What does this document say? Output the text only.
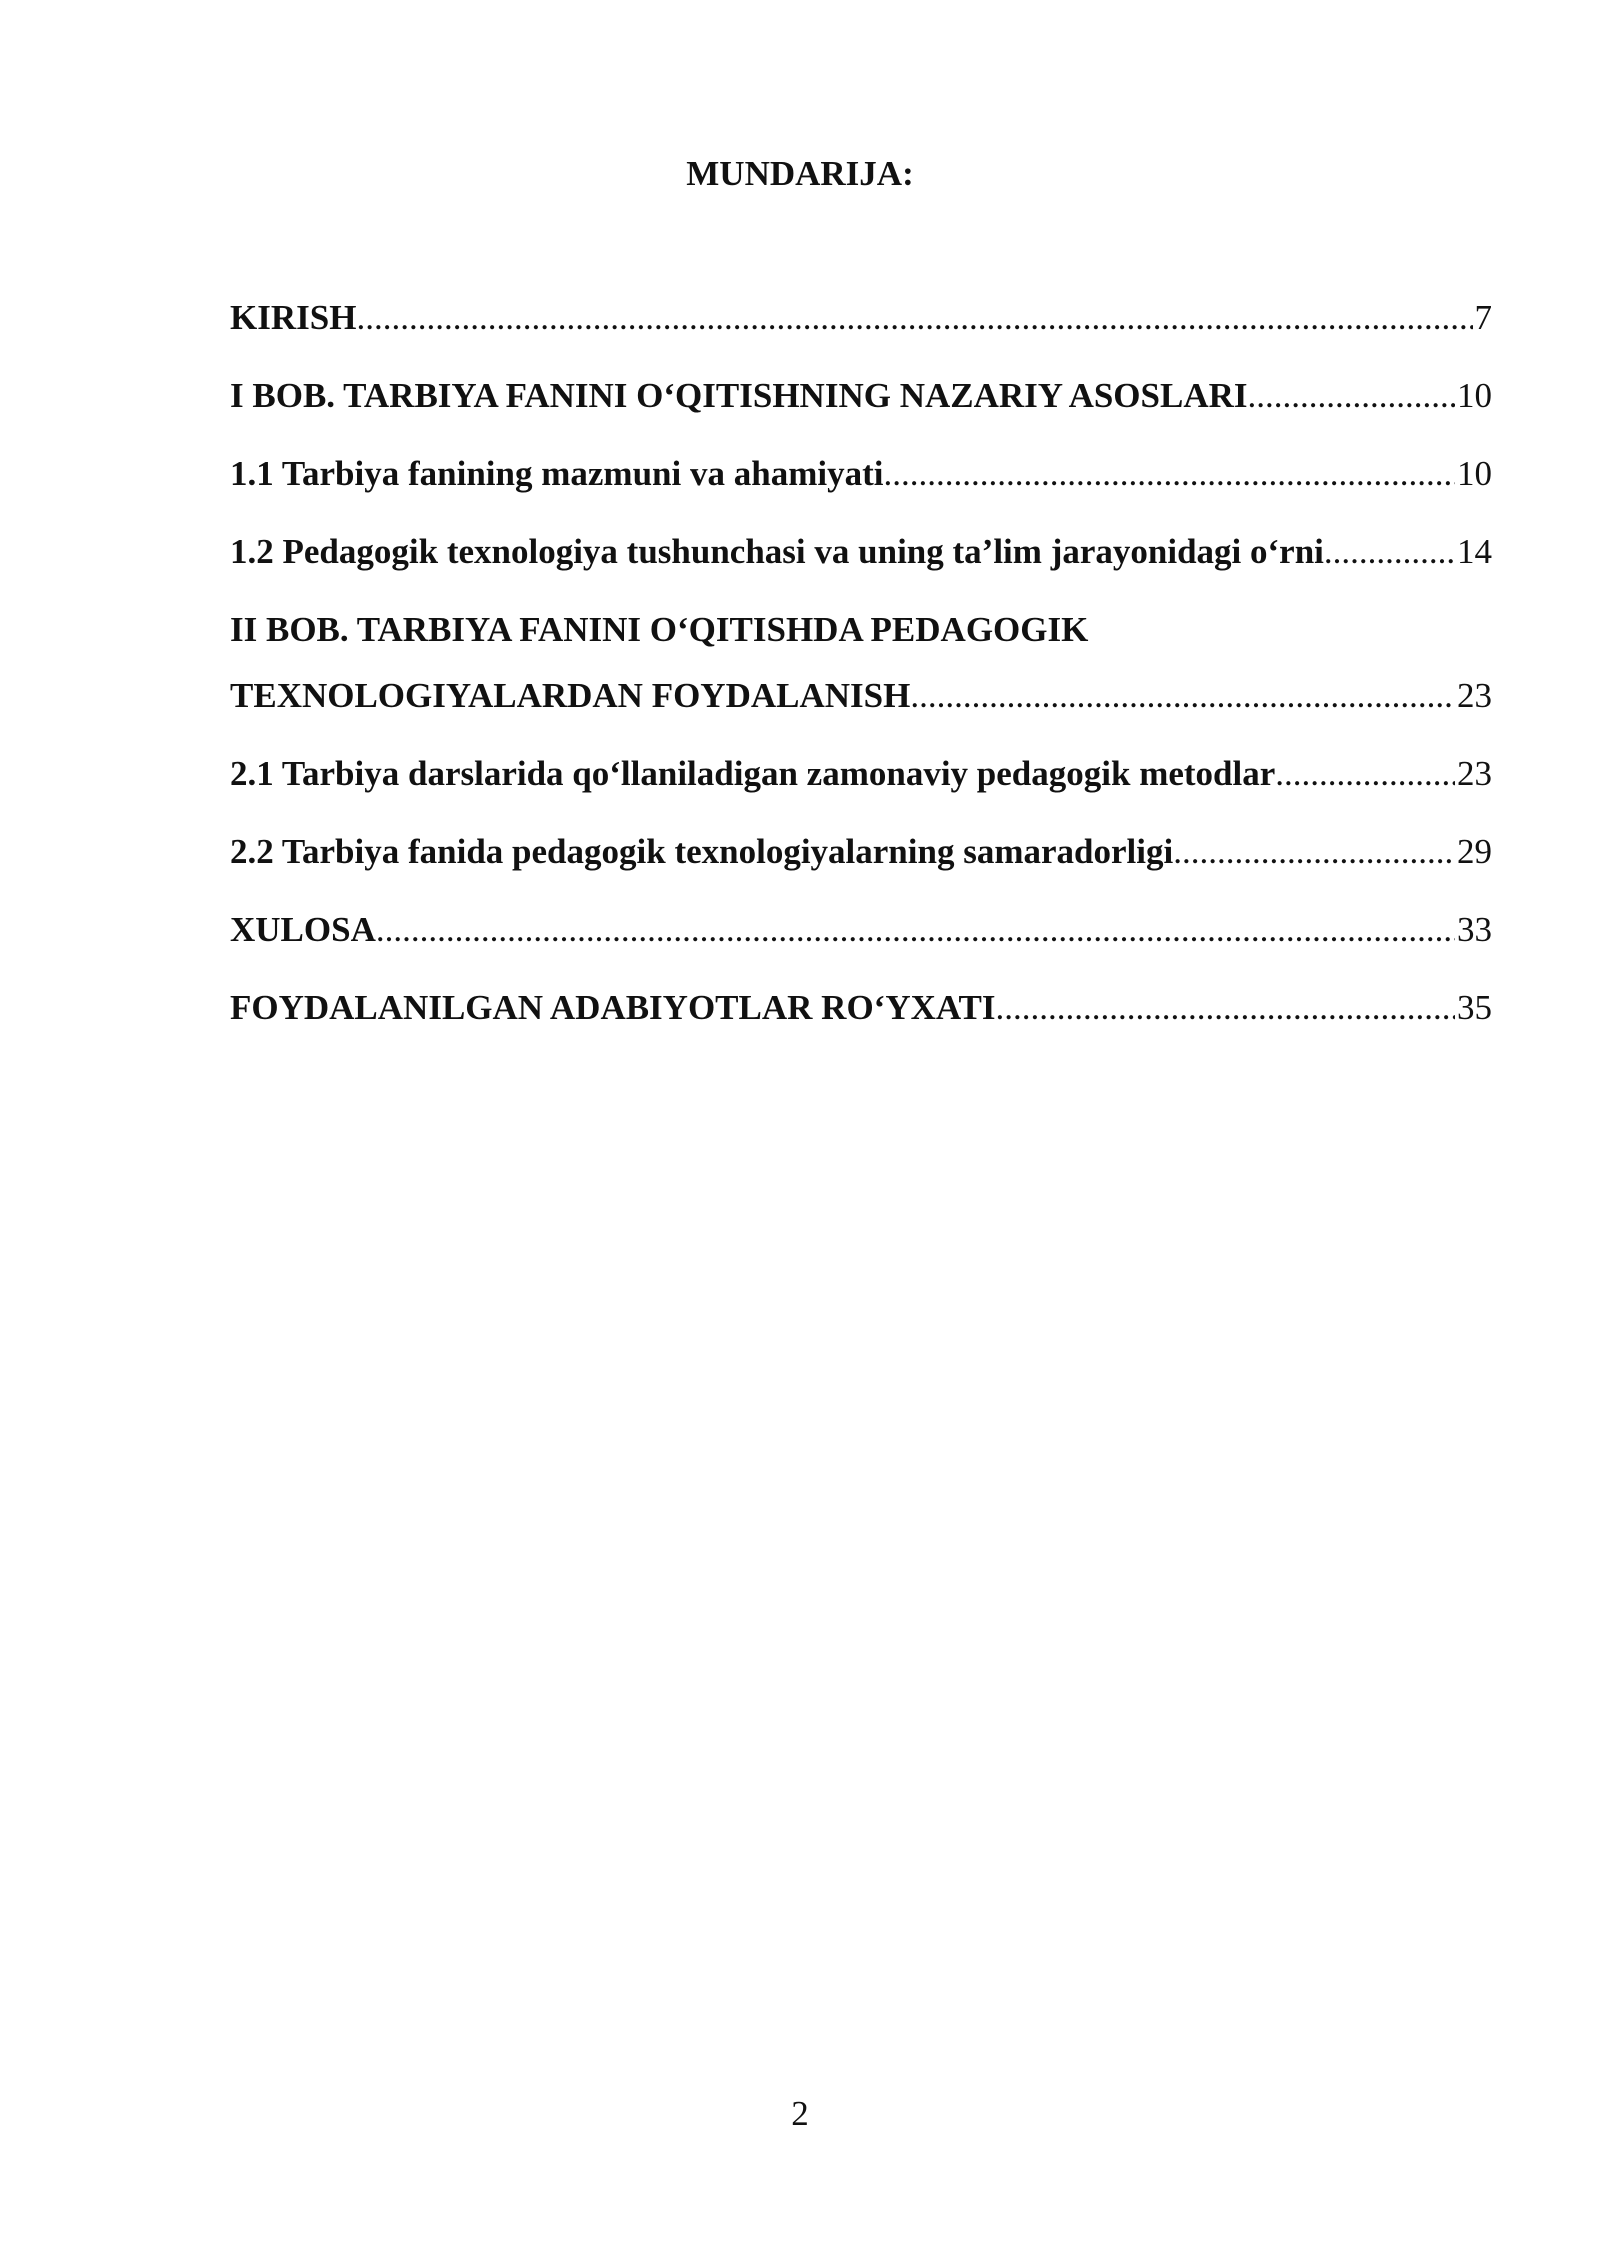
MUNDARIJA:
KIRISH .....	7
I BOB. TARBIYA FANINI O‘QITISHNING NAZARIY ASOSLARI .....	10
1.1 Tarbiya fanining mazmuni va ahamiyati .....	10
1.2 Pedagogik texnologiya tushunchasi va uning ta’lim jarayonidagi o‘rni .....	14
II BOB. TARBIYA FANINI O‘QITISHDA PEDAGOGIK
TEXNOLOGIYALARDAN FOYDALANISH .....	23
2.1 Tarbiya darslarida qo‘llaniladigan zamonaviy pedagogik metodlar .....	23
2.2 Tarbiya fanida pedagogik texnologiyalarning samaradorligi .....	29
XULOSA .....	33
FOYDALANILGAN ADABIYOTLAR RO‘YXATI .....	35
2
